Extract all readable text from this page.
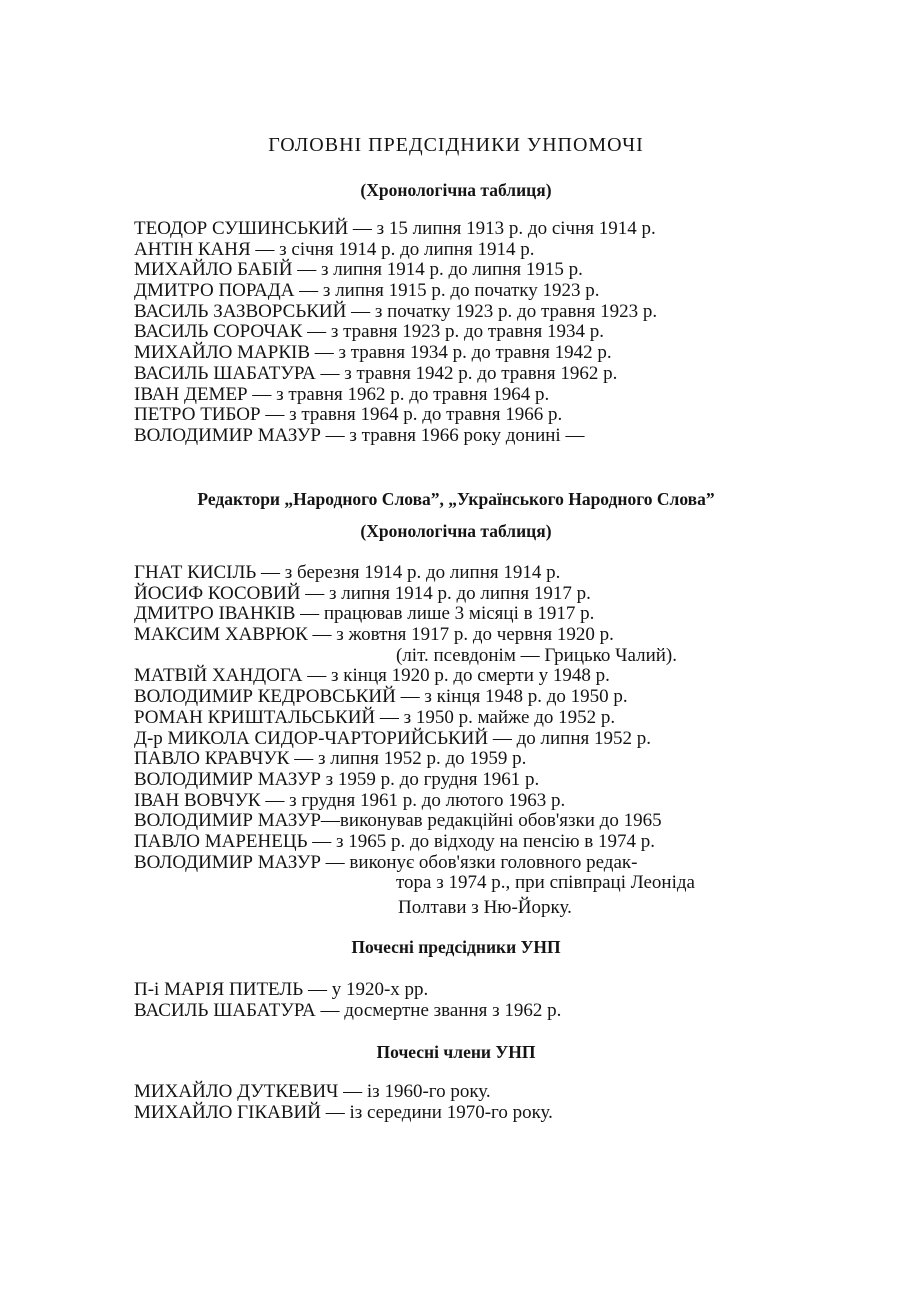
ГОЛОВНІ ПРЕДСІДНИКИ УНПОМОЧІ
(Хронологічна таблиця)
ТЕОДОР СУШИНСЬКИЙ — з 15 липня 1913 р. до січня 1914 р.
АНТІН КАНЯ — з січня 1914 р. до липня 1914 р.
МИХАЙЛО БАБІЙ — з липня 1914 р. до липня 1915 р.
ДМИТРО ПОРАДА — з липня 1915 р. до початку 1923 р.
ВАСИЛЬ ЗАЗВОРСЬКИЙ — з початку 1923 р. до травня 1923 р.
ВАСИЛЬ СОРОЧАК — з травня 1923 р. до травня 1934 р.
МИХАЙЛО МАРКІВ — з травня 1934 р. до травня 1942 р.
ВАСИЛЬ ШАБАТУРА — з травня 1942 р. до травня 1962 р.
ІВАН ДЕМЕР — з травня 1962 р. до травня 1964 р.
ПЕТРО ТИБОР — з травня 1964 р. до травня 1966 р.
ВОЛОДИМИР МАЗУР — з травня 1966 року донині —
Редактори „Народного Слова”, „Українського Народного Слова”
(Хронологічна таблиця)
ГНАТ КИСІЛЬ — з березня 1914 р. до липня 1914 р.
ЙОСИФ КОСОВИЙ — з липня 1914 р. до липня 1917 р.
ДМИТРО ІВАНКІВ — працював лише 3 місяці в 1917 р.
МАКСИМ ХАВРЮК — з жовтня 1917 р. до червня 1920 р.
(літ. псевдонім — Грицько Чалий).
МАТВІЙ ХАНДОГА — з кінця 1920 р. до смерти у 1948 р.
ВОЛОДИМИР КЕДРОВСЬКИЙ — з кінця 1948 р. до 1950 р.
РОМАН КРИШТАЛЬСЬКИЙ — з 1950 р. майже до 1952 р.
Д-р МИКОЛА СИДОР-ЧАРТОРИЙСЬКИЙ — до липня 1952 р.
ПАВЛО КРАВЧУК — з липня 1952 р. до 1959 р.
ВОЛОДИМИР МАЗУР з 1959 р. до грудня 1961 р.
ІВАН ВОВЧУК — з грудня 1961 р. до лютого 1963 р.
ВОЛОДИМИР МАЗУР—виконував редакційні обов'язки до 1965
ПАВЛО МАРЕНЕЦЬ — з 1965 р. до відходу на пенсію в 1974 р.
ВОЛОДИМИР МАЗУР — виконує обов'язки головного редак-
тора з 1974 р., при співпраці Леоніда
Полтави з Ню-Йорку.
Почесні предсідники УНП
П-і МАРІЯ ПИТЕЛЬ — у 1920-х рр.
ВАСИЛЬ ШАБАТУРА — досмертне звання з 1962 р.
Почесні члени УНП
МИХАЙЛО ДУТКЕВИЧ — із 1960-го року.
МИХАЙЛО ГІКАВИЙ — із середини 1970-го року.
